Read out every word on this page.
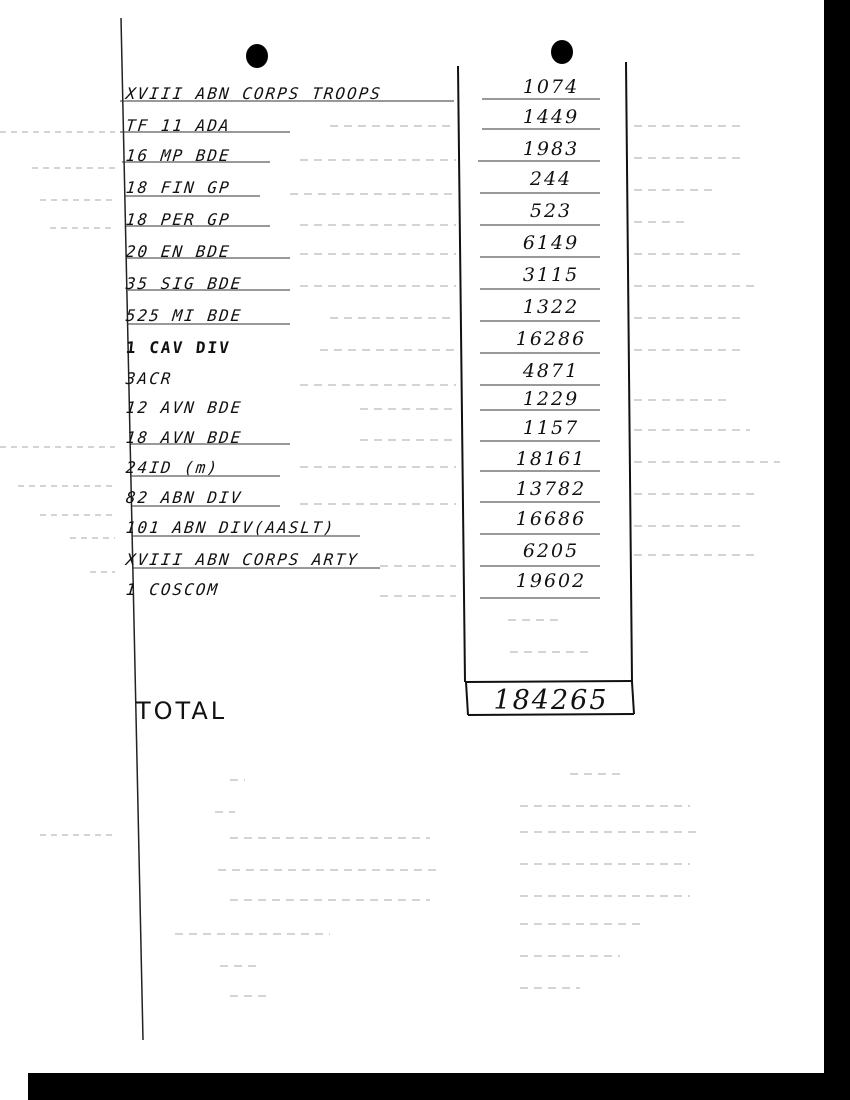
XVIII ABN CORPS TROOPS	1074
TF 11 ADA	1449
16 MP BDE	1983
18 FIN GP	244
18 PER GP	523
20 EN BDE	6149
35 SIG BDE	3115
525 MI BDE	1322
1 CAV DIV	16286
3ACR	4871
12 AVN BDE	1229
18 AVN BDE	1157
24ID (m)	18161
82 ABN DIV	13782
101 ABN DIV(AASLT)	16686
XVIII ABN CORPS ARTY	6205
1 COSCOM	19602
TOTAL	184265
